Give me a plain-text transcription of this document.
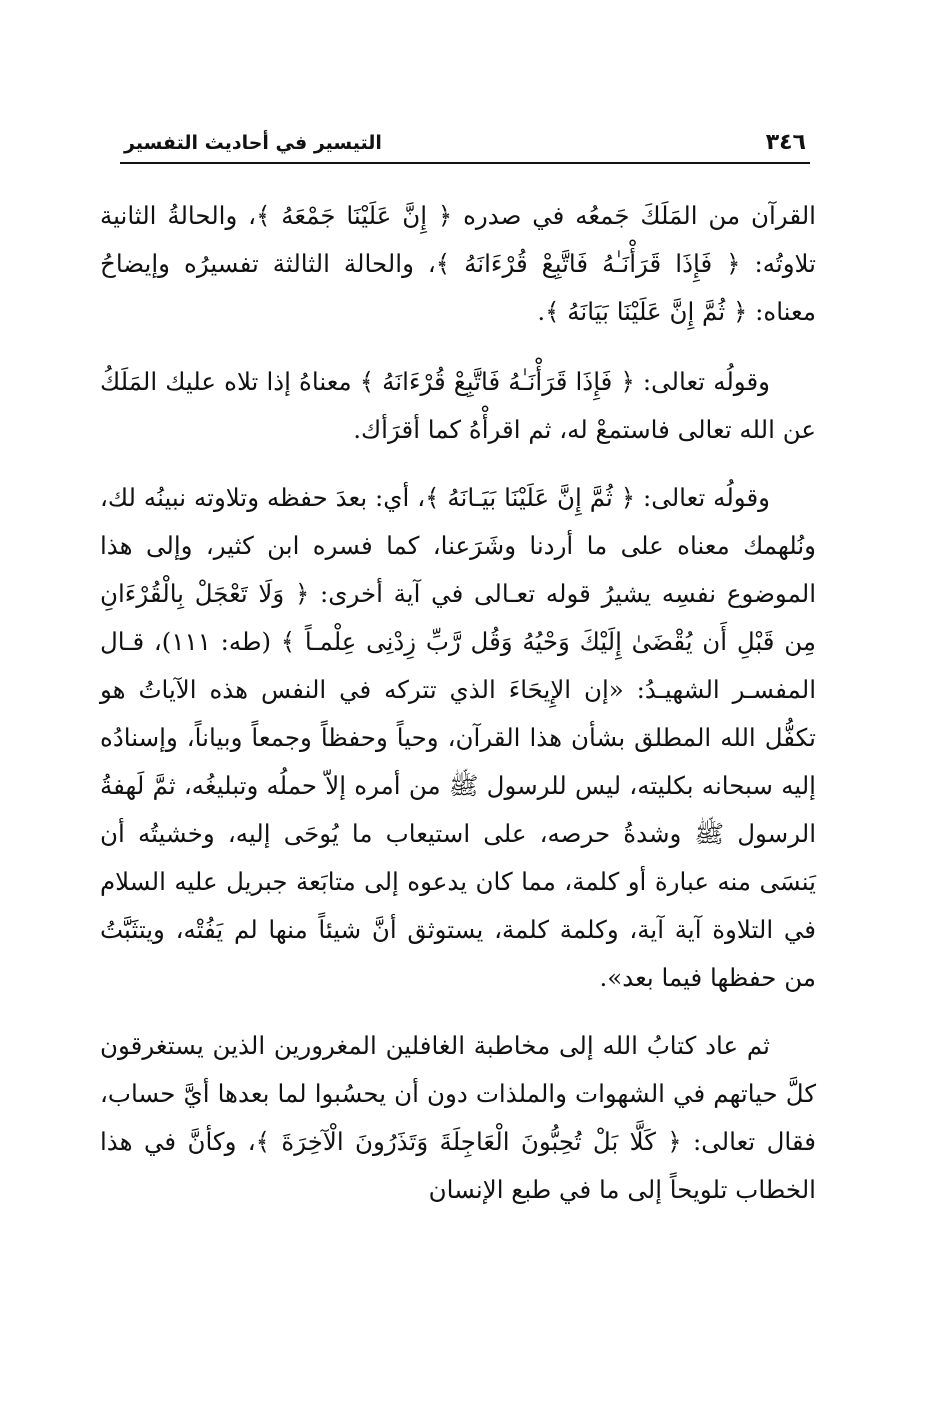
٣٤٦
التيسير في أحاديث التفسير

القرآن من المَلَكَ جَمعُه في صدره ﴿ إِنَّ عَلَيْنَا جَمْعَهُ ﴾، والحالةُ الثانية تلاوتُه: ﴿ فَإِذَا قَرَأْنَـٰهُ فَاتَّبِعْ قُرْءَانَهُ ﴾، والحالة الثالثة تفسيرُه وإيضاحُ معناه: ﴿ ثُمَّ إِنَّ عَلَيْنَا بَيَانَهُ ﴾.

وقولُه تعالى: ﴿ فَإِذَا قَرَأْنَـٰهُ فَاتَّبِعْ قُرْءَانَهُ ﴾ معناهُ إذا تلاه عليك المَلَكُ عن الله تعالى فاستمعْ له، ثم اقرأْهُ كما أقرَأك.

وقولُه تعالى: ﴿ ثُمَّ إِنَّ عَلَيْنَا بَيَـانَهُ ﴾، أي: بعدَ حفظه وتلاوته نبينُه لك، ونُلهمك معناه على ما أردنا وشَرَعنا، كما فسره ابن كثير، وإلى هذا الموضوع نفسِه يشيرُ قوله تعـالى في آية أخرى: ﴿ وَلَا تَعْجَلْ بِالْقُرْءَانِ مِن قَبْلِ أَن يُقْضَىٰ إِلَيْكَ وَحْيُهُ وَقُل رَّبِّ زِدْنِى عِلْمـاً ﴾ (طه: ١١١)، قـال المفسـر الشهيـدُ: «إن الإِيحَاءَ الذي تتركه في النفس هذه الآياتُ هو تكفُّل الله المطلق بشأن هذا القرآن، وحياً وحفظاً وجمعاً وبياناً، وإسنادُه إليه سبحانه بكليته، ليس للرسول ﷺ من أمره إلاّ حملُه وتبليغُه، ثمَّ لَهفةُ الرسول ﷺ وشدةُ حرصه، على استيعاب ما يُوحَى إليه، وخشيتُه أن يَنسَى منه عبارة أو كلمة، مما كان يدعوه إلى متابَعة جبريل عليه السلام في التلاوة آية آية، وكلمة كلمة، يستوثق أنَّ شيئاً منها لم يَفُتْه، ويتثَبَّتُ من حفظها فيما بعد».

ثم عاد كتابُ الله إلى مخاطبة الغافلين المغرورين الذين يستغرقون كلَّ حياتهم في الشهوات والملذات دون أن يحسُبوا لما بعدها أيَّ حساب، فقال تعالى: ﴿ كَلَّا بَلْ تُحِبُّونَ الْعَاجِلَةَ وَتَذَرُونَ الْآخِرَةَ ﴾، وكأنَّ في هذا الخطاب تلويحاً إلى ما في طبع الإنسان
